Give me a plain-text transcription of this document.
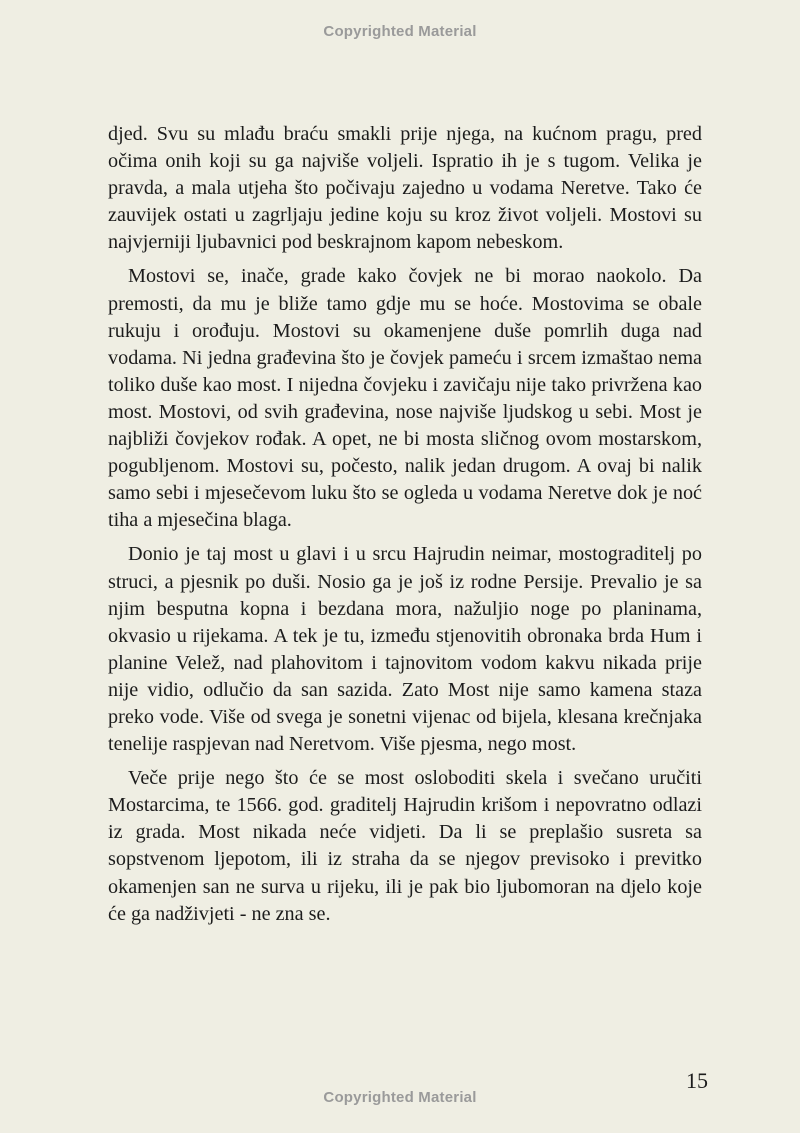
Copyrighted Material

djed. Svu su mlađu braću smakli prije njega, na kućnom pragu, pred očima onih koji su ga najviše voljeli. Ispratio ih je s tugom. Velika je pravda, a mala utjeha što počivaju zajedno u vodama Neretve. Tako će zauvijek ostati u zagrljaju jedine koju su kroz život voljeli. Mostovi su najvjerniji ljubavnici pod beskrajnom kapom nebeskom.

Mostovi se, inače, grade kako čovjek ne bi morao naokolo. Da premosti, da mu je bliže tamo gdje mu se hoće. Mostovima se obale rukuju i orođuju. Mostovi su okamenjene duše pomrlih duga nad vodama. Ni jedna građevina što je čovjek pameću i srcem izmaštao nema toliko duše kao most. I nijedna čovjeku i zavičaju nije tako privržena kao most. Mostovi, od svih građevina, nose najviše ljudskog u sebi. Most je najbliži čovjekov rođak. A opet, ne bi mosta sličnog ovom mostarskom, pogubljenom. Mostovi su, počesto, nalik jedan drugom. A ovaj bi nalik samo sebi i mjesečevom luku što se ogleda u vodama Neretve dok je noć tiha a mjesečina blaga.

Donio je taj most u glavi i u srcu Hajrudin neimar, mostograditelj po struci, a pjesnik po duši. Nosio ga je još iz rodne Persije. Prevalio je sa njim besputna kopna i bezdana mora, nažuljio noge po planinama, okvasio u rijekama. A tek je tu, između stjenovitih obronaka brda Hum i planine Velež, nad plahovitom i tajnovitom vodom kakvu nikada prije nije vidio, odlučio da san sazida. Zato Most nije samo kamena staza preko vode. Više od svega je sonetni vijenac od bijela, klesana krečnjaka tenelije raspjevan nad Neretvom. Više pjesma, nego most.

Veče prije nego što će se most osloboditi skela i svečano uručiti Mostarcima, te 1566. god. graditelj Hajrudin krišom i nepovratno odlazi iz grada. Most nikada neće vidjeti. Da li se preplašio susreta sa sopstvenom ljepotom, ili iz straha da se njegov previsoko i previtko okamenjen san ne surva u rijeku, ili je pak bio ljubomoran na djelo koje će ga nadživjeti - ne zna se.

15
Copyrighted Material
